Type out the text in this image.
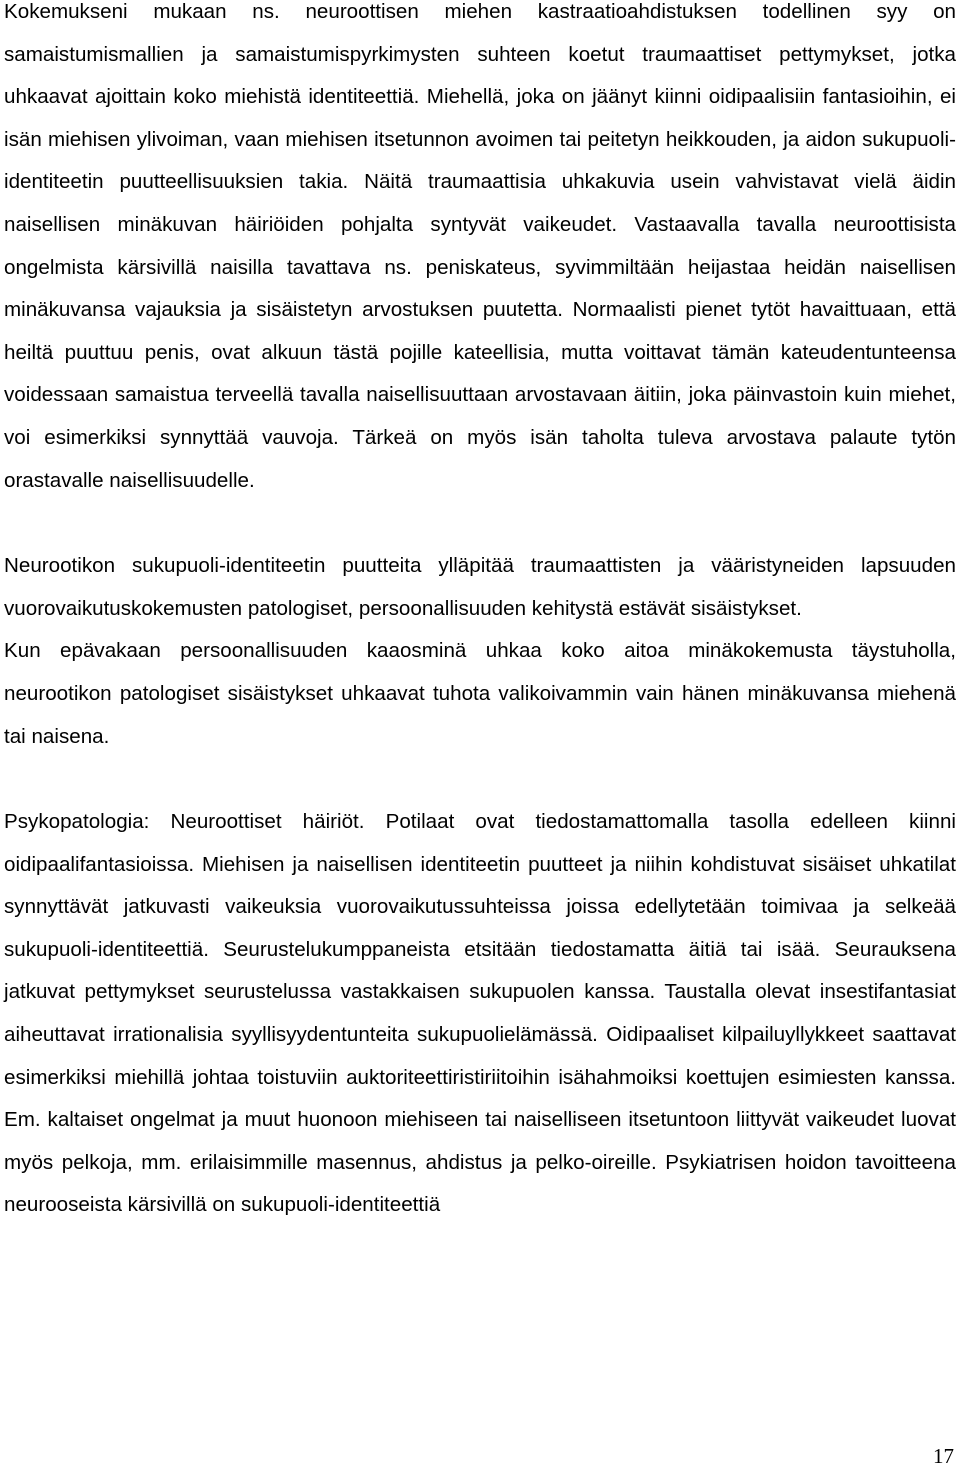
Kokemukseni mukaan ns. neuroottisen miehen kastraatioahdistuksen todellinen syy on samaistumismallien ja samaistumispyrkimysten suhteen koetut traumaattiset pettymykset, jotka uhkaavat ajoittain koko miehistä identiteettiä. Miehellä, joka on jäänyt kiinni oidipaalisiin fantasioihin, ei isän miehisen ylivoiman, vaan miehisen itsetunnon avoimen tai peitetyn heikkouden, ja aidon sukupuoli-identiteetin puutteellisuuksien takia. Näitä traumaattisia uhkakuvia usein vahvistavat vielä äidin naisellisen minäkuvan häiriöiden pohjalta syntyvät vaikeudet. Vastaavalla tavalla neuroottisista ongelmista kärsivillä naisilla tavattava ns. peniskateus, syvimmiltään heijastaa heidän naisellisen minäkuvansa vajauksia ja sisäistetyn arvostuksen puutetta. Normaalisti pienet tytöt havaittuaan, että heiltä puuttuu penis, ovat alkuun tästä pojille kateellisia, mutta voittavat tämän kateudentunteensa voidessaan samaistua terveellä tavalla naisellisuuttaan arvostavaan äitiin, joka päinvastoin kuin miehet, voi esimerkiksi synnyttää vauvoja. Tärkeä on myös isän taholta tuleva arvostava palaute tytön orastavalle naisellisuudelle.

Neurootikon sukupuoli-identiteetin puutteita ylläpitää traumaattisten ja vääristyneiden lapsuuden vuorovaikutuskokemusten patologiset, persoonallisuuden kehitystä estävät sisäistykset.

Kun epävakaan persoonallisuuden kaaosminä uhkaa koko aitoa minäkokemusta täystuholla, neurootikon patologiset sisäistykset uhkaavat tuhota valikoivammin vain hänen minäkuvansa miehenä tai naisena.

Psykopatologia: Neuroottiset häiriöt. Potilaat ovat tiedostamattomalla tasolla edelleen kiinni oidipaalifantasioissa. Miehisen ja naisellisen identiteetin puutteet ja niihin kohdistuvat sisäiset uhkatilat synnyttävät jatkuvasti vaikeuksia vuorovaikutussuhteissa joissa edellytetään toimivaa ja selkeää sukupuoli-identiteettiä. Seurustelukumppaneista etsitään tiedostamatta äitiä tai isää. Seurauksena jatkuvat pettymykset seurustelussa vastakkaisen sukupuolen kanssa. Taustalla olevat insestifantasiat aiheuttavat irrationalisia syyllisyydentunteita sukupuolielämässä. Oidipaaliset kilpailuyllykkeet saattavat esimerkiksi miehillä johtaa toistuviin auktoriteettiristiriitoihin isähahmoiksi koettujen esimiesten kanssa. Em. kaltaiset ongelmat ja muut huonoon miehiseen tai naiselliseen itsetuntoon liittyvät vaikeudet luovat myös pelkoja, mm. erilaisimmille masennus, ahdistus ja pelko-oireille. Psykiatrisen hoidon tavoitteena neurooseista kärsivillä on sukupuoli-identiteettiä

17
